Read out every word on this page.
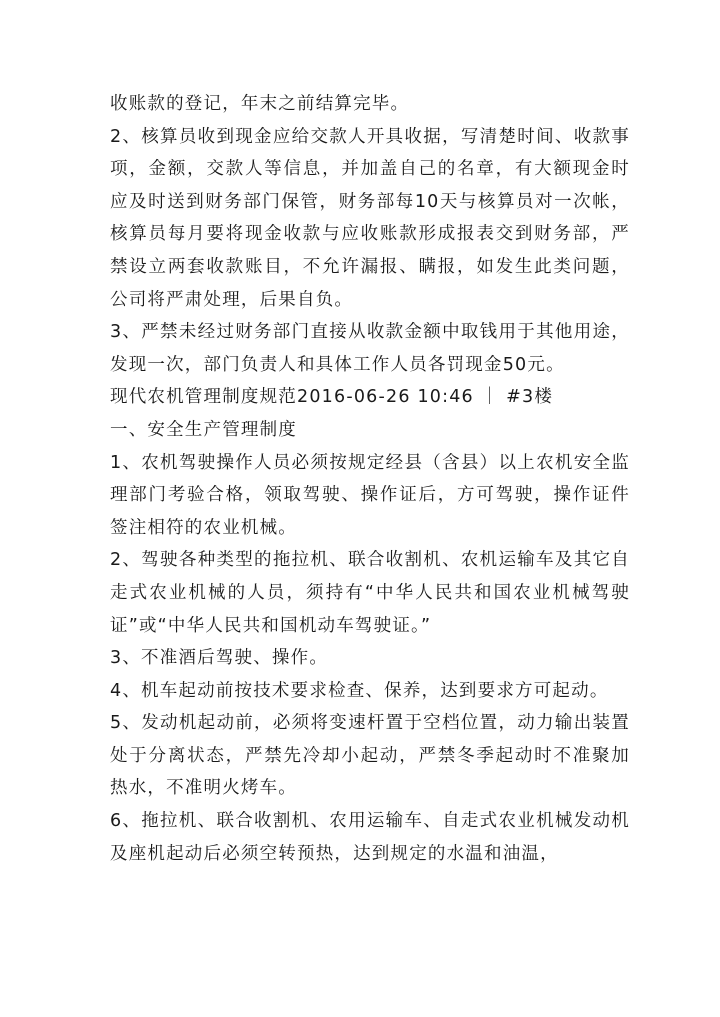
收账款的登记，年末之前结算完毕。

2、核算员收到现金应给交款人开具收据，写清楚时间、收款事项，金额，交款人等信息，并加盖自己的名章，有大额现金时应及时送到财务部门保管，财务部每10天与核算员对一次帐，核算员每月要将现金收款与应收账款形成报表交到财务部，严禁设立两套收款账目，不允许漏报、瞒报，如发生此类问题，公司将严肃处理，后果自负。

3、严禁未经过财务部门直接从收款金额中取钱用于其他用途，发现一次，部门负责人和具体工作人员各罚现金50元。

现代农机管理制度规范2016-06-26 10:46 ｜ #3楼

一、安全生产管理制度

1、农机驾驶操作人员必须按规定经县（含县）以上农机安全监理部门考验合格，领取驾驶、操作证后，方可驾驶，操作证件签注相符的农业机械。

2、驾驶各种类型的拖拉机、联合收割机、农机运输车及其它自走式农业机械的人员，须持有“中华人民共和国农业机械驾驶证”或“中华人民共和国机动车驾驶证。”

3、不准酒后驾驶、操作。

4、机车起动前按技术要求检查、保养，达到要求方可起动。

5、发动机起动前，必须将变速杆置于空档位置，动力输出装置处于分离状态，严禁先冷却小起动，严禁冬季起动时不准聚加热水，不准明火烤车。

6、拖拉机、联合收割机、农用运输车、自走式农业机械发动机及座机起动后必须空转预热，达到规定的水温和油温，
